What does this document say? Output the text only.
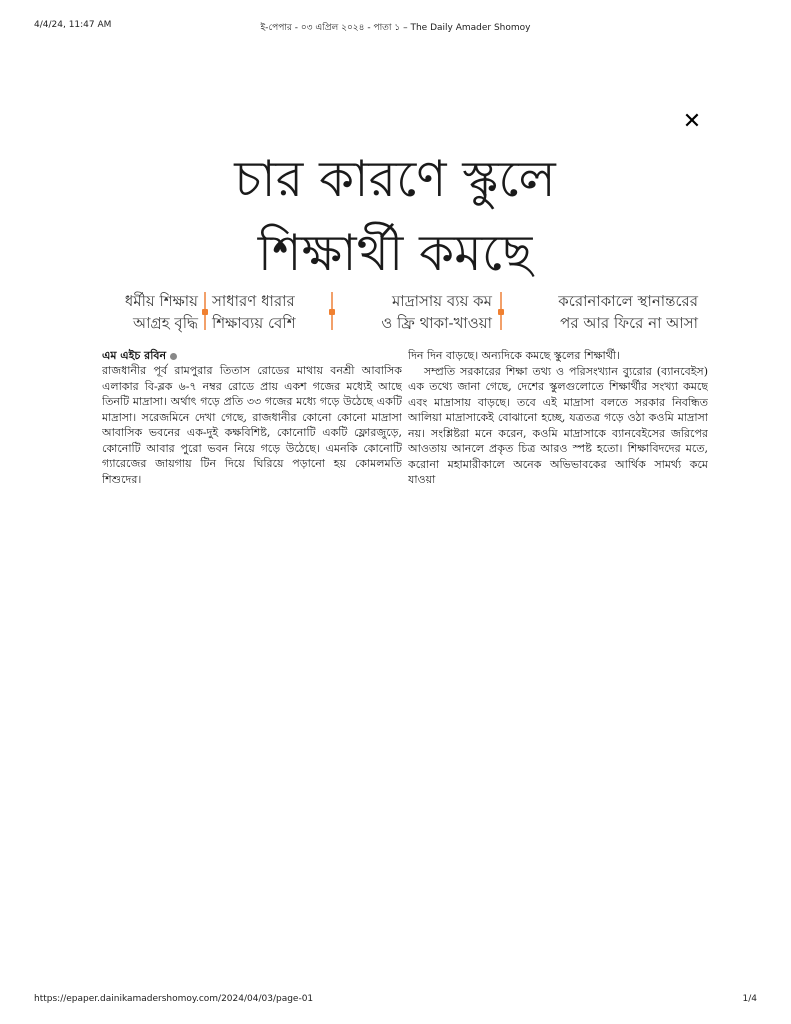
4/4/24, 11:47 AM	ই-পেপার - ০৩ এপ্রিল ২০২৪ - পাতা ১ – The Daily Amader Shomoy
✕
চার কারণে স্কুলে
শিক্ষার্থী কমছে
ধর্মীয় শিক্ষায়
আগ্রহ বৃদ্ধি
সাধারণ ধারার
শিক্ষাব্যয় বেশি
মাদ্রাসায় ব্যয় কম
ও ফ্রি থাকা-খাওয়া
করোনাকালে স্থানান্তরের
পর আর ফিরে না আসা
এম এইচ রবিন

রাজধানীর পূর্ব রামপুরার তিতাস রোডের মাথায় বনশ্রী আবাসিক এলাকার বি-ব্লক ৬-৭ নম্বর রোডে প্রায় একশ গজের মধ্যেই আছে তিনটি মাদ্রাসা। অর্থাৎ গড়ে প্রতি ৩৩ গজের মধ্যে গড়ে উঠেছে একটি মাদ্রাসা। সরেজমিনে দেখা গেছে, রাজধানীর কোনো কোনো মাদ্রাসা আবাসিক ভবনের এক-দুই কক্ষবিশিষ্ট, কোনোটি একটি ফ্লোরজুড়ে, কোনোটি আবার পুরো ভবন নিয়ে গড়ে উঠেছে। এমনকি কোনোটি গ্যারেজের জায়গায় টিন দিয়ে ঘিরিয়ে পড়ানো হয় কোমলমতি শিশুদের।

দিন দিন বাড়ছে। অন্যদিকে কমছে স্কুলের শিক্ষার্থী।

সম্প্রতি সরকারের শিক্ষা তথ্য ও পরিসংখ্যান ব্যুরোর (ব্যানবেইস) এক তথ্যে জানা গেছে, দেশের স্কুলগুলোতে শিক্ষার্থীর সংখ্যা কমছে এবং মাদ্রাসায় বাড়ছে। তবে এই মাদ্রাসা বলতে সরকার নিবন্ধিত আলিয়া মাদ্রাসাকেই বোঝানো হচ্ছে, যত্রতত্র গড়ে ওঠা কওমি মাদ্রাসা নয়। সংশ্লিষ্টরা মনে করেন, কওমি মাদ্রাসাকে ব্যানবেইসের জরিপের আওতায় আনলে প্রকৃত চিত্র আরও স্পষ্ট হতো। শিক্ষাবিদদের মতে, করোনা মহামারীকালে অনেক অভিভাবকের আর্থিক সামর্থ্য কমে যাওয়া

https://epaper.dainikamadershomoy.com/2024/04/03/page-01	1/4
